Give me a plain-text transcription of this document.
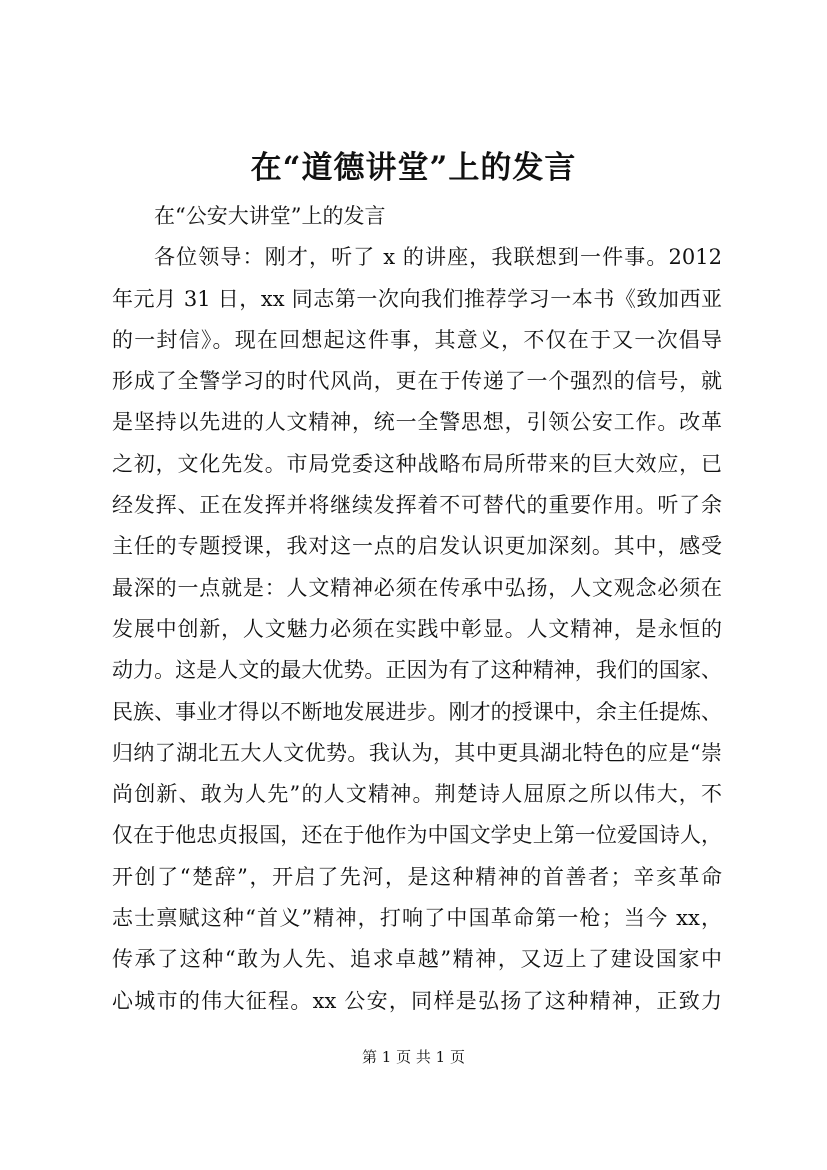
在“道德讲堂”上的发言
在“公安大讲堂”上的发言
各位领导：刚才，听了 x 的讲座，我联想到一件事。2012
年元月 31 日，xx 同志第一次向我们推荐学习一本书《致加西亚
的一封信》。现在回想起这件事，其意义，不仅在于又一次倡导
形成了全警学习的时代风尚，更在于传递了一个强烈的信号，就
是坚持以先进的人文精神，统一全警思想，引领公安工作。改革
之初，文化先发。市局党委这种战略布局所带来的巨大效应，已
经发挥、正在发挥并将继续发挥着不可替代的重要作用。听了余
主任的专题授课，我对这一点的启发认识更加深刻。其中，感受
最深的一点就是：人文精神必须在传承中弘扬，人文观念必须在
发展中创新，人文魅力必须在实践中彰显。人文精神，是永恒的
动力。这是人文的最大优势。正因为有了这种精神，我们的国家、
民族、事业才得以不断地发展进步。刚才的授课中，余主任提炼、
归纳了湖北五大人文优势。我认为，其中更具湖北特色的应是“崇
尚创新、敢为人先”的人文精神。荆楚诗人屈原之所以伟大，不
仅在于他忠贞报国，还在于他作为中国文学史上第一位爱国诗人，
开创了“楚辞”，开启了先河，是这种精神的首善者；辛亥革命
志士禀赋这种“首义”精神，打响了中国革命第一枪；当今 xx，
传承了这种“敢为人先、追求卓越”精神，又迈上了建设国家中
心城市的伟大征程。xx 公安，同样是弘扬了这种精神，正致力
第 1 页 共 1 页
